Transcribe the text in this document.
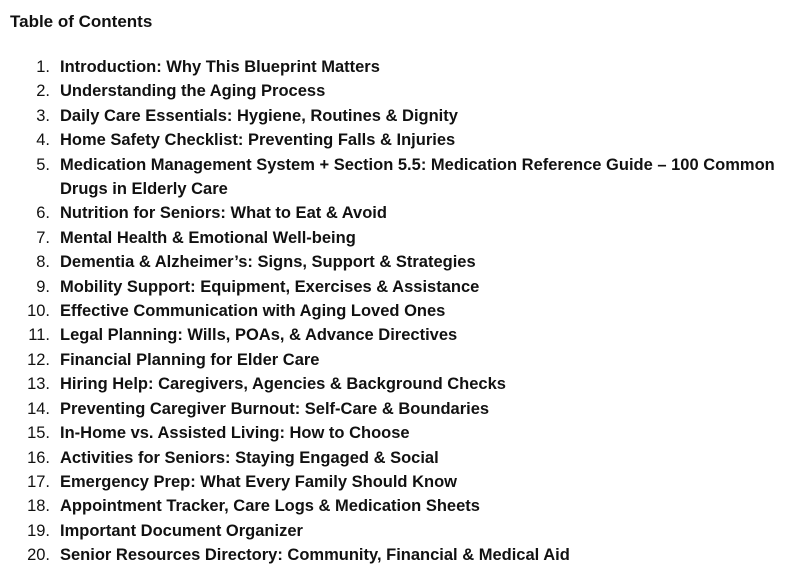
Table of Contents
1. Introduction: Why This Blueprint Matters
2. Understanding the Aging Process
3. Daily Care Essentials: Hygiene, Routines & Dignity
4. Home Safety Checklist: Preventing Falls & Injuries
5. Medication Management System + Section 5.5: Medication Reference Guide – 100 Common Drugs in Elderly Care
6. Nutrition for Seniors: What to Eat & Avoid
7. Mental Health & Emotional Well-being
8. Dementia & Alzheimer’s: Signs, Support & Strategies
9. Mobility Support: Equipment, Exercises & Assistance
10. Effective Communication with Aging Loved Ones
11. Legal Planning: Wills, POAs, & Advance Directives
12. Financial Planning for Elder Care
13. Hiring Help: Caregivers, Agencies & Background Checks
14. Preventing Caregiver Burnout: Self-Care & Boundaries
15. In-Home vs. Assisted Living: How to Choose
16. Activities for Seniors: Staying Engaged & Social
17. Emergency Prep: What Every Family Should Know
18. Appointment Tracker, Care Logs & Medication Sheets
19. Important Document Organizer
20. Senior Resources Directory: Community, Financial & Medical Aid
